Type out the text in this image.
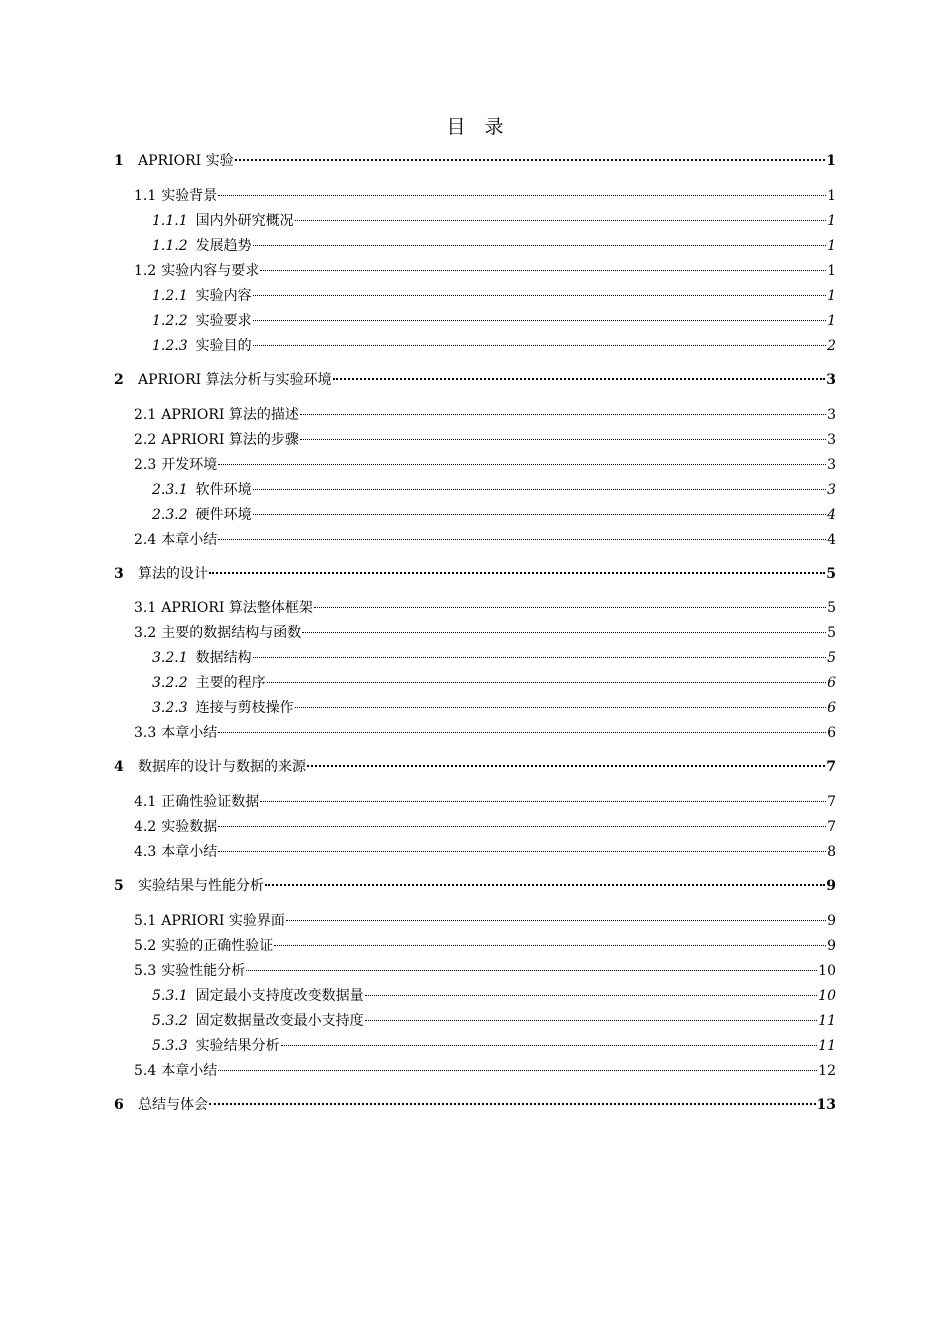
目　录
1	APRIORI 实验	1
1.1 实验背景	1
1.1.1 国内外研究概况	1
1.1.2 发展趋势	1
1.2 实验内容与要求	1
1.2.1 实验内容	1
1.2.2 实验要求	1
1.2.3 实验目的	2
2	APRIORI 算法分析与实验环境	3
2.1 APRIORI 算法的描述	3
2.2 APRIORI 算法的步骤	3
2.3 开发环境	3
2.3.1 软件环境	3
2.3.2 硬件环境	4
2.4 本章小结	4
3	算法的设计	5
3.1 APRIORI 算法整体框架	5
3.2 主要的数据结构与函数	5
3.2.1 数据结构	5
3.2.2 主要的程序	6
3.2.3 连接与剪枝操作	6
3.3 本章小结	6
4	数据库的设计与数据的来源	7
4.1 正确性验证数据	7
4.2 实验数据	7
4.3 本章小结	8
5	实验结果与性能分析	9
5.1 APRIORI 实验界面	9
5.2 实验的正确性验证	9
5.3 实验性能分析	10
5.3.1 固定最小支持度改变数据量	10
5.3.2 固定数据量改变最小支持度	11
5.3.3 实验结果分析	11
5.4 本章小结	12
6	总结与体会	13
